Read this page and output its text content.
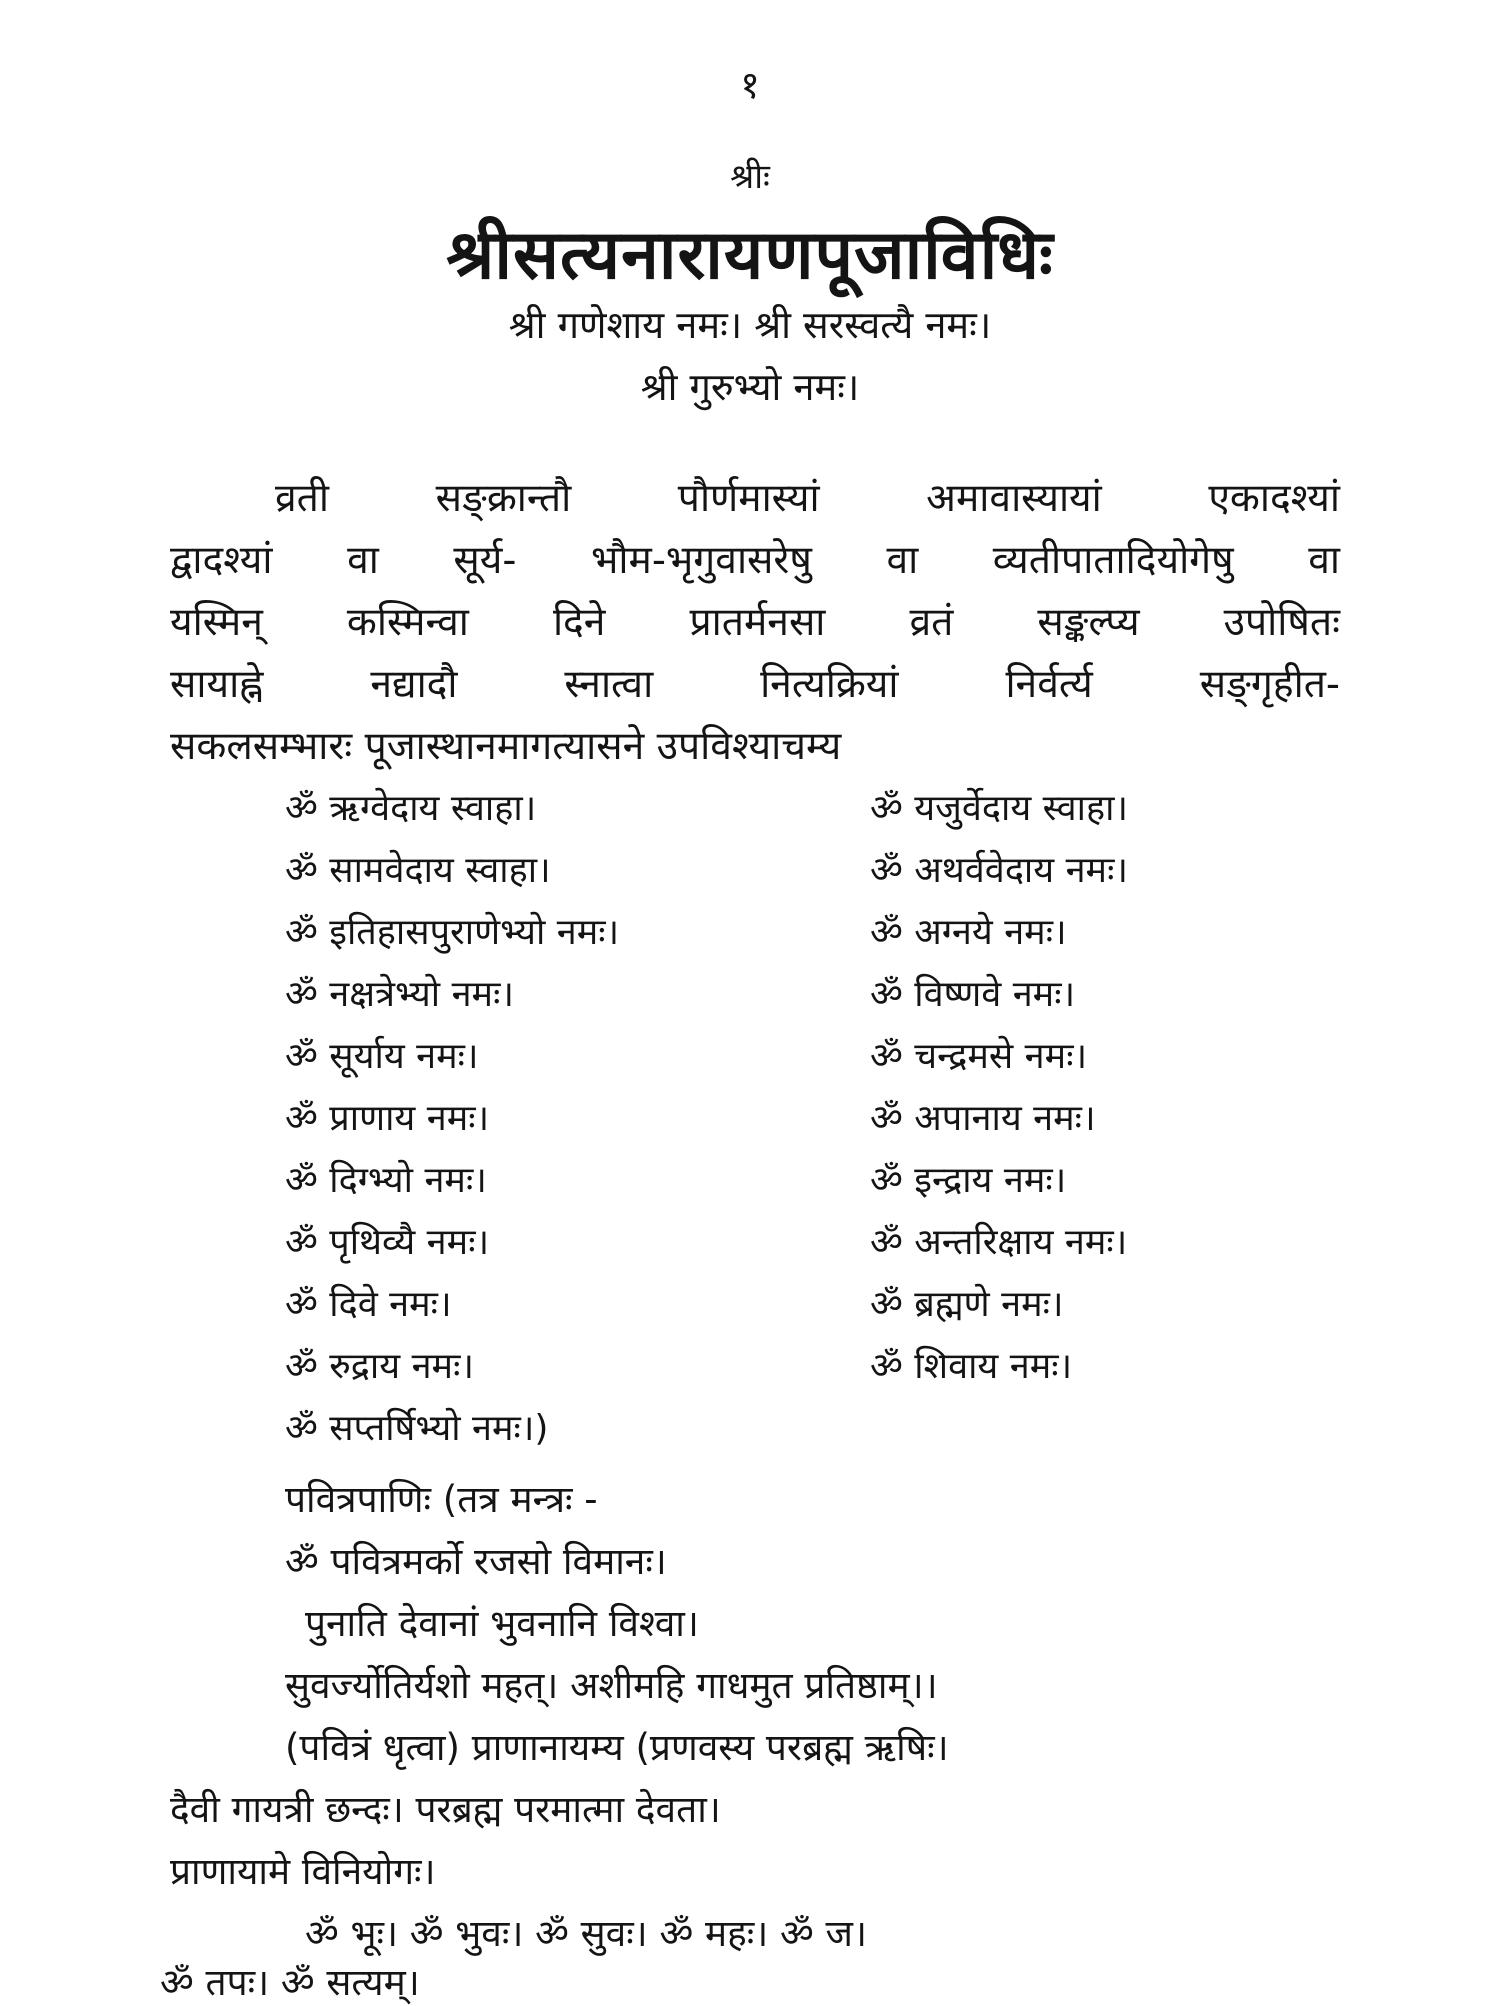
१
श्रीः
श्रीसत्यनारायणपूजाविधिः
श्री गणेशाय नमः। श्री सरस्वत्यै नमः।
श्री गुरुभ्यो नमः।
व्रती सङ्क्रान्तौ पौर्णमास्यां अमावास्यायां एकादश्यां
द्वादश्यां वा सूर्य- भौम-भृगुवासरेषु वा व्यतीपातादियोगेषु वा
यस्मिन् कस्मिन्वा दिने प्रातर्मनसा व्रतं सङ्कल्प्य उपोषितः
सायाह्ने नद्यादौ स्नात्वा नित्यक्रियां निर्वर्त्य सङ्गृहीत-
सकलसम्भारः पूजास्थानमागत्यासने उपविश्याचम्य
ॐ ऋग्वेदाय स्वाहा।	ॐ यजुर्वेदाय स्वाहा।
ॐ सामवेदाय स्वाहा।	ॐ अथर्ववेदाय नमः।
ॐ इतिहासपुराणेभ्यो नमः।	ॐ अग्नये नमः।
ॐ नक्षत्रेभ्यो नमः।	ॐ विष्णवे नमः।
ॐ सूर्याय नमः।	ॐ चन्द्रमसे नमः।
ॐ प्राणाय नमः।	ॐ अपानाय नमः।
ॐ दिग्भ्यो नमः।	ॐ इन्द्राय नमः।
ॐ पृथिव्यै नमः।	ॐ अन्तरिक्षाय नमः।
ॐ दिवे नमः।	ॐ ब्रह्मणे नमः।
ॐ रुद्राय नमः।	ॐ शिवाय नमः।
ॐ सप्तर्षिभ्यो नमः।)
पवित्रपाणिः (तत्र मन्त्रः -
ॐ पवित्रमर्को रजसो विमानः।
पुनाति देवानां भुवनानि विश्वा।
सुवर्ज्योतिर्यशो महत्। अशीमहि गाधमुत प्रतिष्ठाम्।।
(पवित्रं धृत्वा) प्राणानायम्य (प्रणवस्य परब्रह्म ऋषिः।
दैवी गायत्री छन्दः। परब्रह्म परमात्मा देवता।
प्राणायामे विनियोगः।
ॐ भूः। ॐ भुवः। ॐ सुवः। ॐ महः। ॐ ज।
ॐ तपः। ॐ सत्यम्।
